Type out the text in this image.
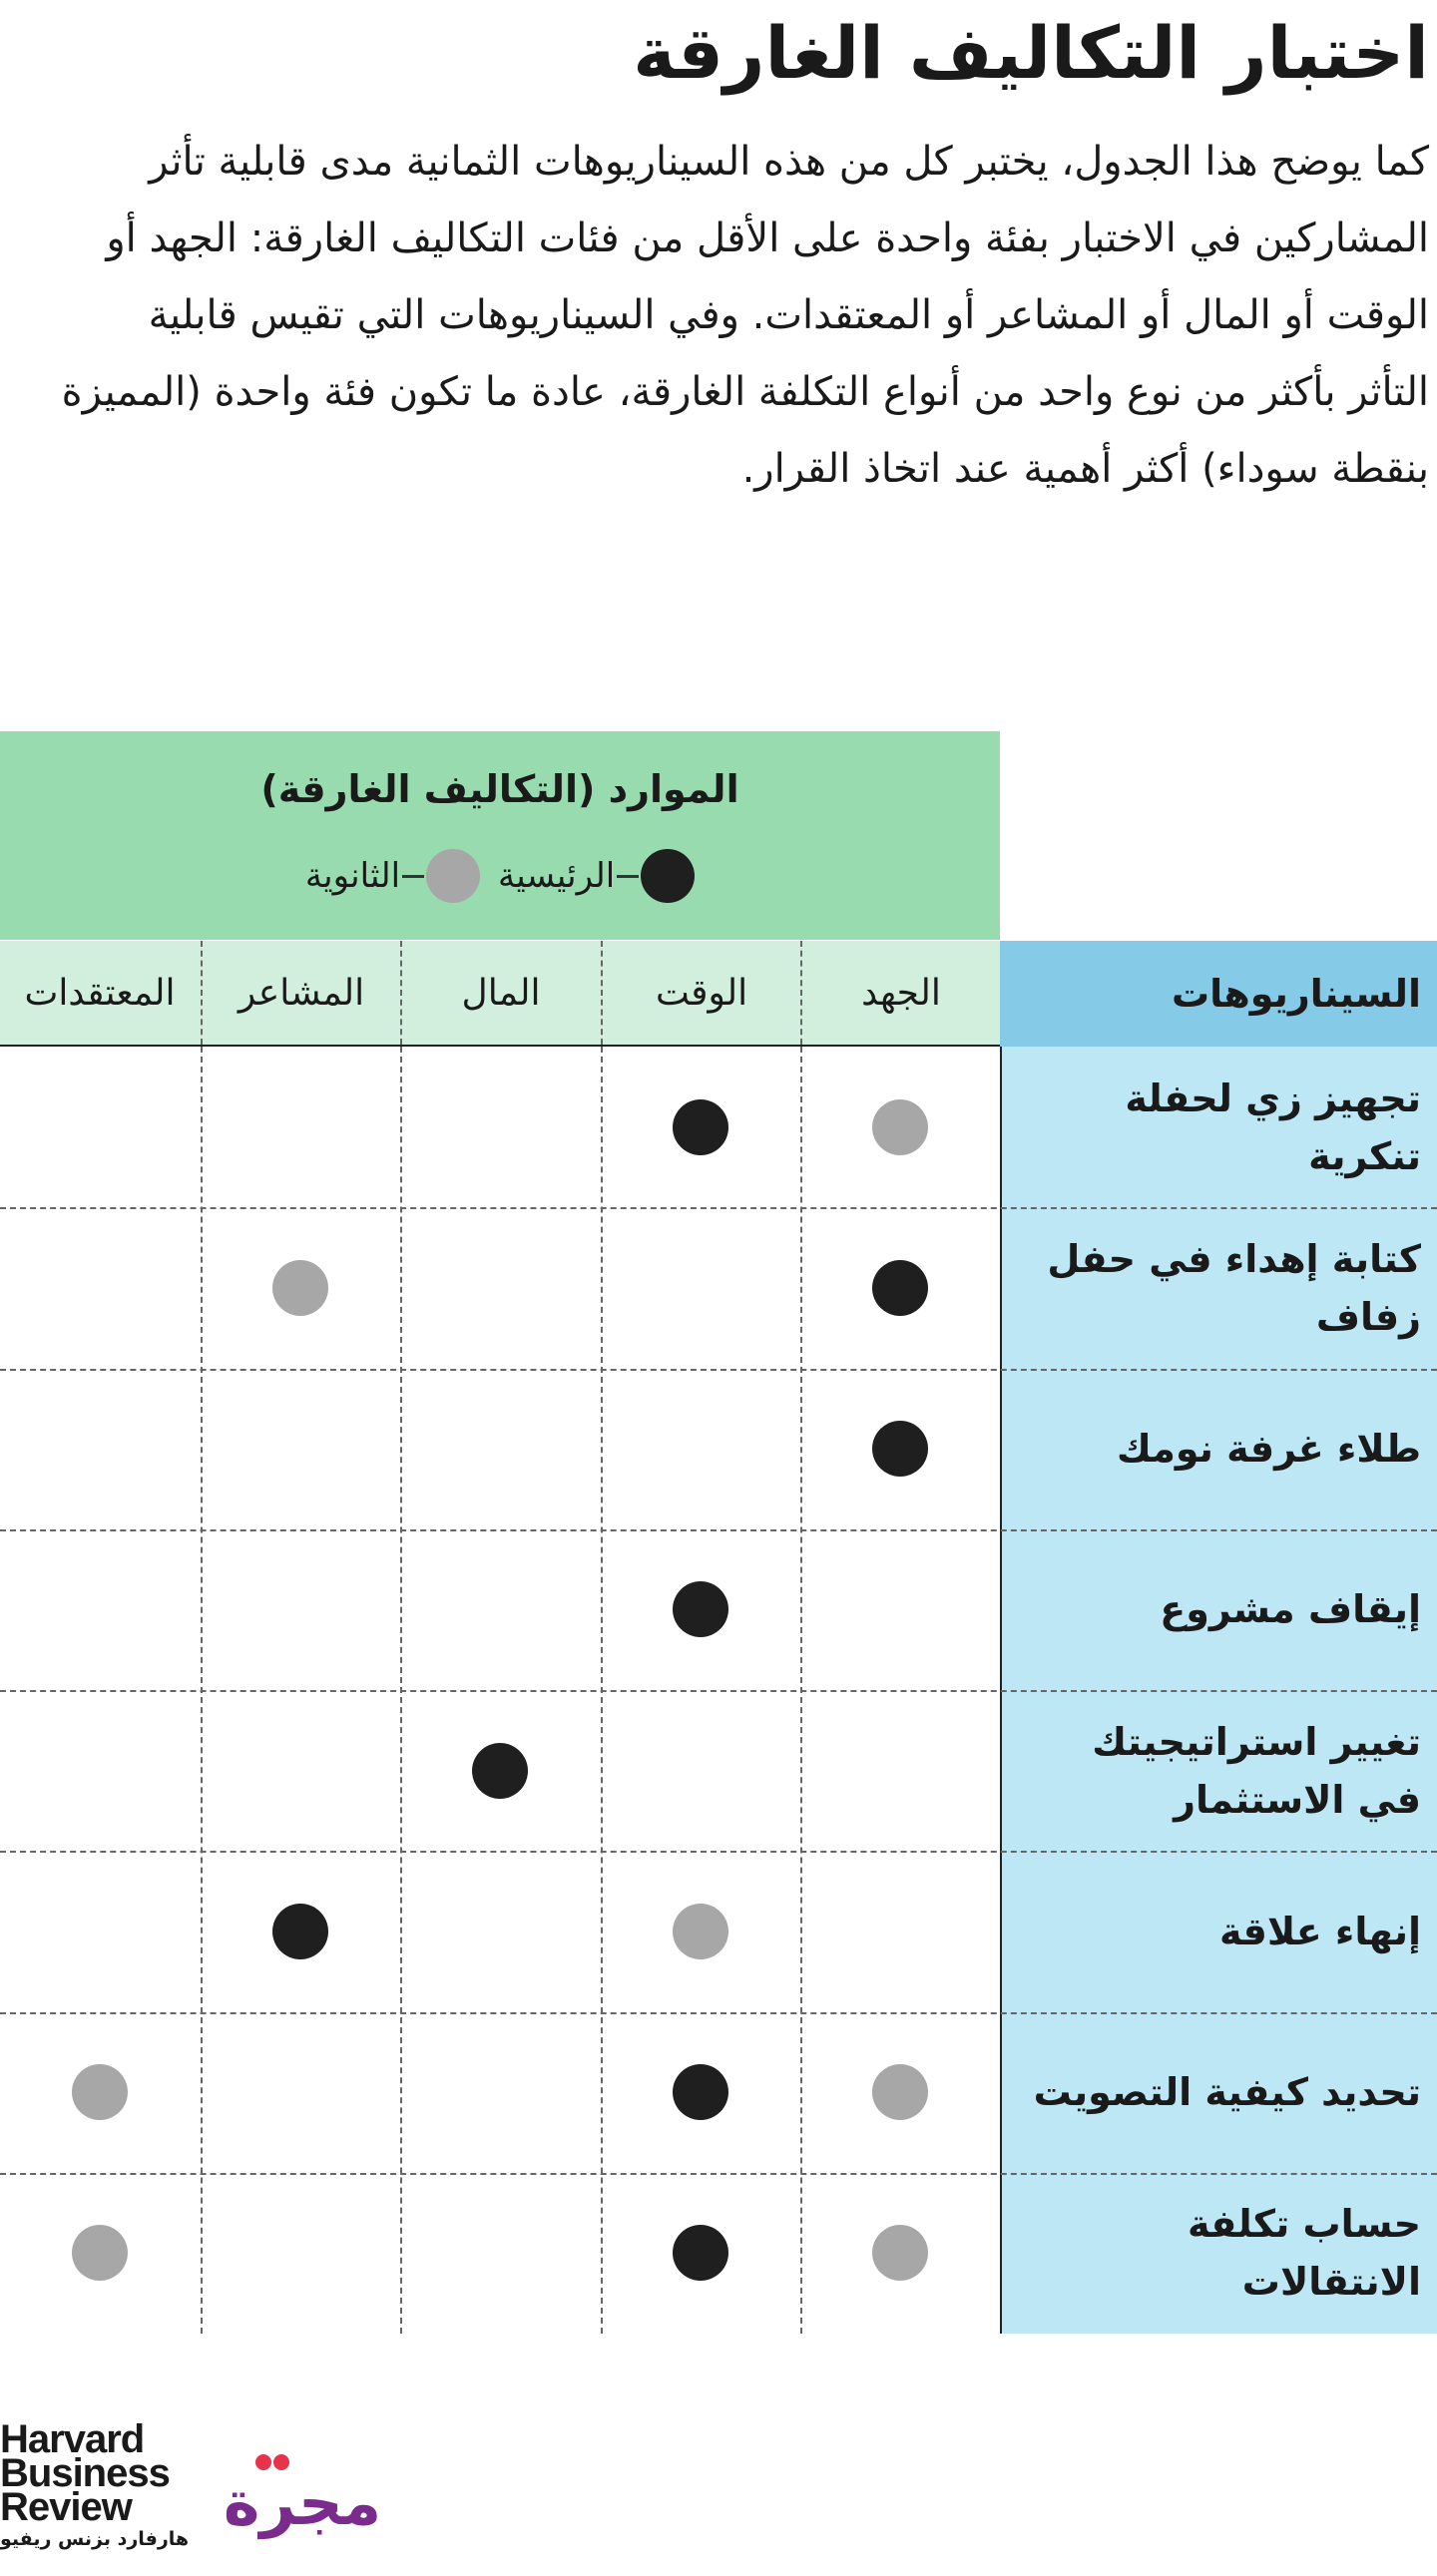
اختبار التكاليف الغارقة

كما يوضح هذا الجدول، يختبر كل من هذه السيناريوهات الثمانية مدى قابلية تأثر المشاركين في الاختبار بفئة واحدة على الأقل من فئات التكاليف الغارقة: الجهد أو الوقت أو المال أو المشاعر أو المعتقدات. وفي السيناريوهات التي تقيس قابلية التأثر بأكثر من نوع واحد من أنواع التكلفة الغارقة، عادة ما تكون فئة واحدة (المميزة بنقطة سوداء) أكثر أهمية عند اتخاذ القرار.

الموارد (التكاليف الغارقة)
الرئيسية
الثانوية
الجهد
الوقت
المال
المشاعر
المعتقدات	السيناريوهات
تجهيز زي لحفلة تنكرية
كتابة إهداء في حفل زفاف
طلاء غرفة نومك
إيقاف مشروع
تغيير استراتيجيتك في الاستثمار
إنهاء علاقة
تحديد كيفية التصويت
حساب تكلفة الانتقالات
Harvard
Business
Review
هارفارد بزنس ريفيو مجرة
